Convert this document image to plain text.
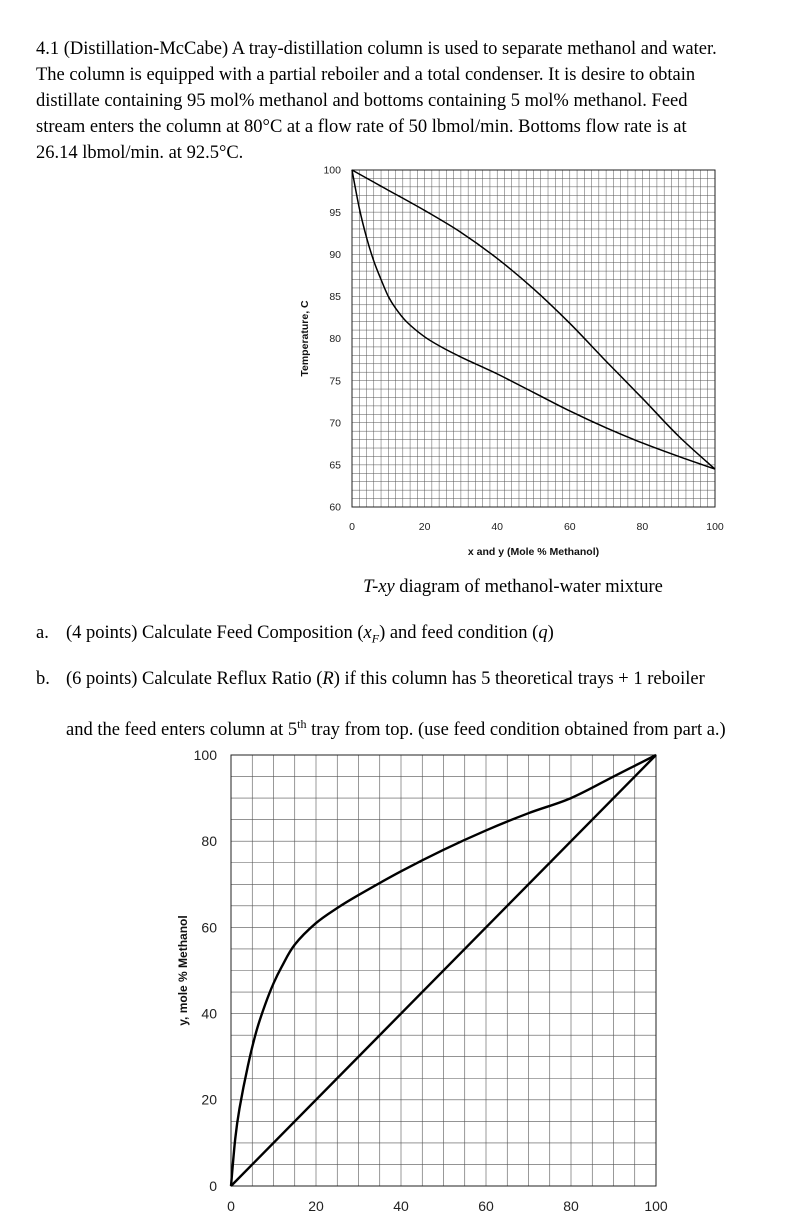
4.1 (Distillation-McCabe) A tray-distillation column is used to separate methanol and water.

The column is equipped with a partial reboiler and a total condenser. It is desire to obtain

distillate containing 95 mol% methanol and bottoms containing 5 mol% methanol. Feed

stream enters the column at 80°C at a flow rate of 50 lbmol/min. Bottoms flow rate is at

26.14 lbmol/min. at 92.5°C.

0	20	40	60	80	100
60
65
70
75
80
85
90
95
100
x and y (Mole % Methanol)
Temperature, C
T-xy diagram of methanol-water mixture
a. (4 points) Calculate Feed Composition $(x_F)$ and feed condition (q)
b. (6 points) Calculate Reflux Ratio (R) if this column has 5 theoretical trays + 1 reboiler
and the feed enters column at 5th tray from top. (use feed condition obtained from part a.)
0	20	40	60	80	100
0
20
40
60
80
100
y, mole % Methanol
